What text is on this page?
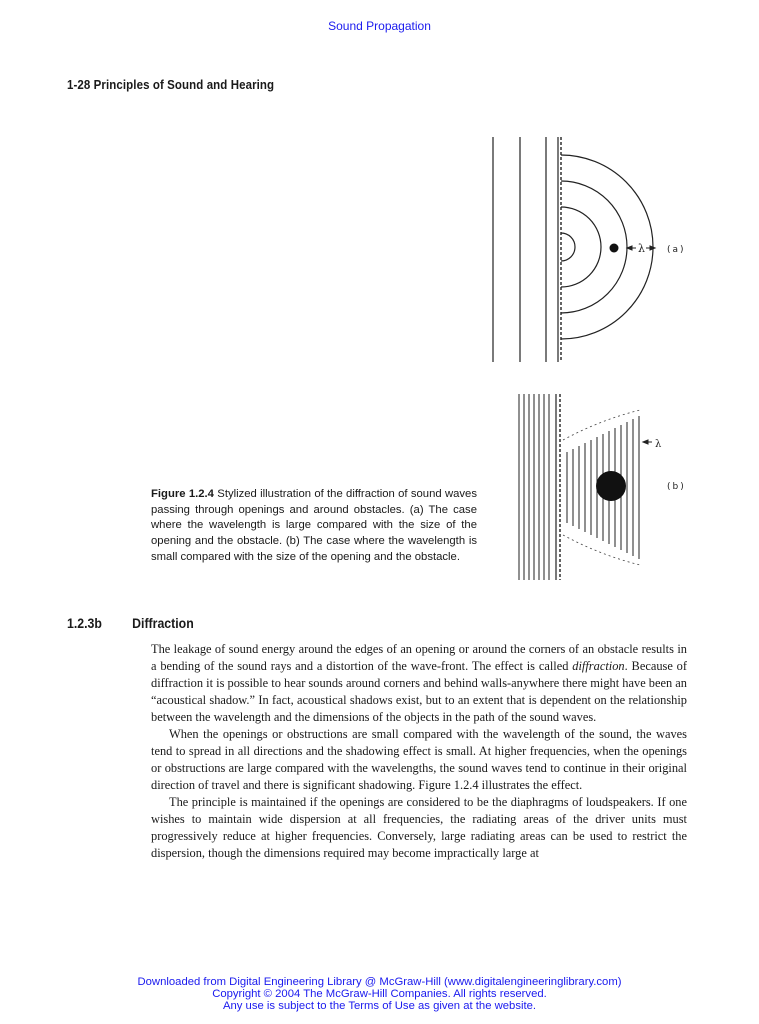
Sound Propagation
1-28 Principles of Sound and Hearing
λ (a)
λ
(b)
Figure 1.2.4 Stylized illustration of the diffraction of sound waves passing through openings and around obstacles. (a) The case where the wavelength is large compared with the size of the opening and the obstacle. (b) The case where the wavelength is small compared with the size of the opening and the obstacle.
1.2.3b Diffraction

The leakage of sound energy around the edges of an opening or around the corners of an obstacle results in a bending of the sound rays and a distortion of the wave-front. The effect is called diffraction. Because of diffraction it is possible to hear sounds around corners and behind walls-anywhere there might have been an “acoustical shadow.” In fact, acoustical shadows exist, but to an extent that is dependent on the relationship between the wavelength and the dimensions of the objects in the path of the sound waves.

When the openings or obstructions are small compared with the wavelength of the sound, the waves tend to spread in all directions and the shadowing effect is small. At higher frequencies, when the openings or obstructions are large compared with the wavelengths, the sound waves tend to continue in their original direction of travel and there is significant shadowing. Figure 1.2.4 illustrates the effect.

The principle is maintained if the openings are considered to be the diaphragms of loudspeakers. If one wishes to maintain wide dispersion at all frequencies, the radiating areas of the driver units must progressively reduce at higher frequencies. Conversely, large radiating areas can be used to restrict the dispersion, though the dimensions required may become impractically large at

Downloaded from Digital Engineering Library @ McGraw-Hill (www.digitalengineeringlibrary.com)
Copyright © 2004 The McGraw-Hill Companies. All rights reserved.
Any use is subject to the Terms of Use as given at the website.
